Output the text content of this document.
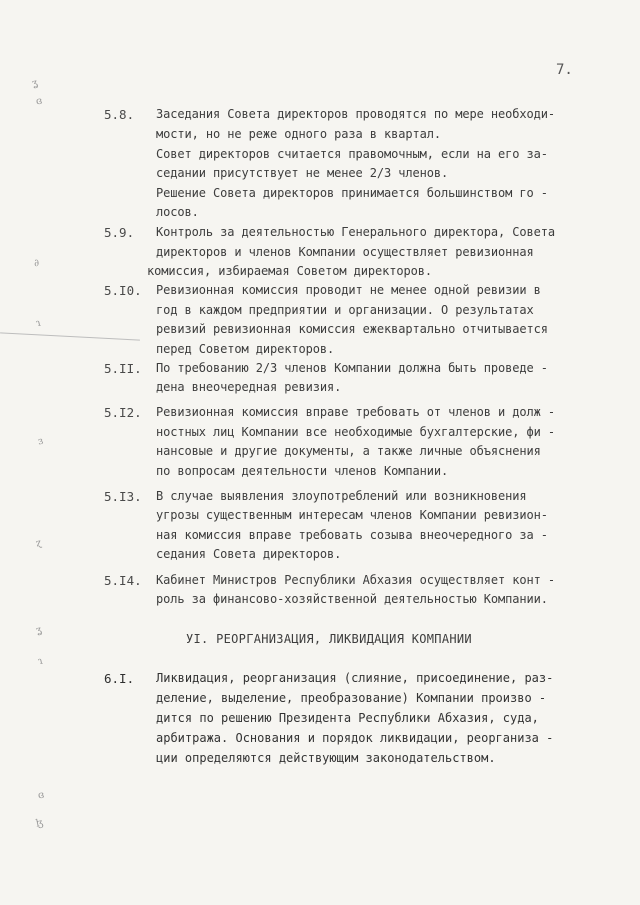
ʓ
ɞ
∂
ɿ
ɜ
ɀ
ʓ
ɿ
ɞ
ɮ
7.
5.8. Заседания Совета директоров проводятся по мере необходи-
мости, но не реже одного раза в квартал.
Совет директоров считается правомочным, если на его за-
седании присутствует не менее 2/3 членов.
Решение Совета директоров принимается большинством го -
лосов.
5.9. Контроль за деятельностью Генерального директора, Совета
директоров и членов Компании осуществляет ревизионная
комиссия, избираемая Советом директоров.
5.I0. Ревизионная комиссия проводит не менее одной ревизии в
год в каждом предприятии и организации. О результатах
ревизий ревизионная комиссия ежеквартально отчитывается
перед Советом директоров.
5.II. По требованию 2/3 членов Компании должна быть проведе -
дена внеочередная ревизия.
5.I2. Ревизионная комиссия вправе требовать от членов и долж -
ностных лиц Компании все необходимые бухгалтерские, фи -
нансовые и другие документы, а также личные объяснения
по вопросам деятельности членов Компании.
5.I3. В случае выявления злоупотреблений или возникновения
угрозы существенным интересам членов Компании ревизион-
ная комиссия вправе требовать созыва внеочередного за -
седания Совета директоров.
5.I4. Кабинет Министров Республики Абхазия осуществляет конт -
роль за финансово-хозяйственной деятельностью Компании.
УI. РЕОРГАНИЗАЦИЯ, ЛИКВИДАЦИЯ КОМПАНИИ
6.I. Ликвидация, реорганизация (слияние, присоединение, раз-
деление, выделение, преобразование) Компании произво -
дится по решению Президента Республики Абхазия, суда,
арбитража. Основания и порядок ликвидации, реорганиза -
ции определяются действующим законодательством.
